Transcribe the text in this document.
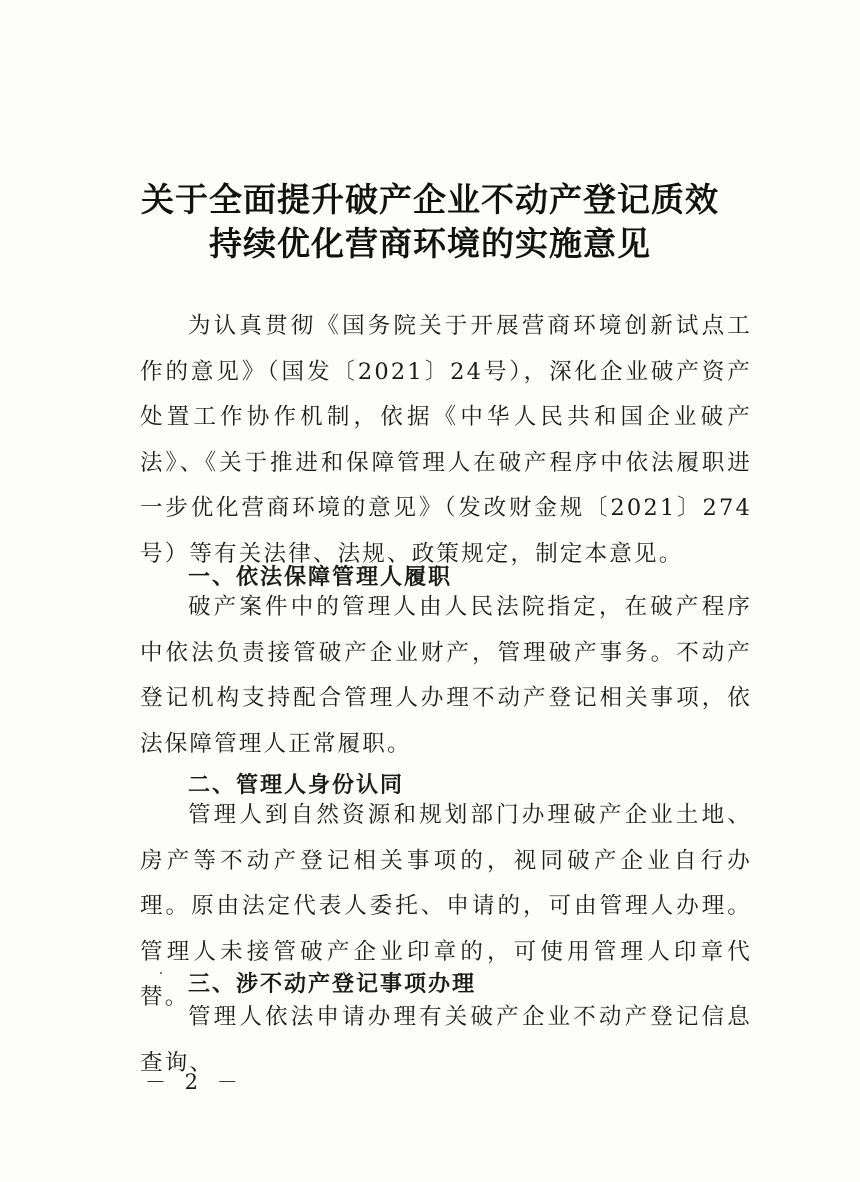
关于全面提升破产企业不动产登记质效
持续优化营商环境的实施意见

为认真贯彻《国务院关于开展营商环境创新试点工作的意见》（国发〔2021〕24号），深化企业破产资产处置工作协作机制，依据《中华人民共和国企业破产法》、《关于推进和保障管理人在破产程序中依法履职进一步优化营商环境的意见》（发改财金规〔2021〕274号）等有关法律、法规、政策规定，制定本意见。

一、依法保障管理人履职

破产案件中的管理人由人民法院指定，在破产程序中依法负责接管破产企业财产，管理破产事务。不动产登记机构支持配合管理人办理不动产登记相关事项，依法保障管理人正常履职。

二、管理人身份认同

管理人到自然资源和规划部门办理破产企业土地、房产等不动产登记相关事项的，视同破产企业自行办理。原由法定代表人委托、申请的，可由管理人办理。管理人未接管破产企业印章的，可使用管理人印章代替。

三、涉不动产登记事项办理

管理人依法申请办理有关破产企业不动产登记信息查询、

－ 2 －
